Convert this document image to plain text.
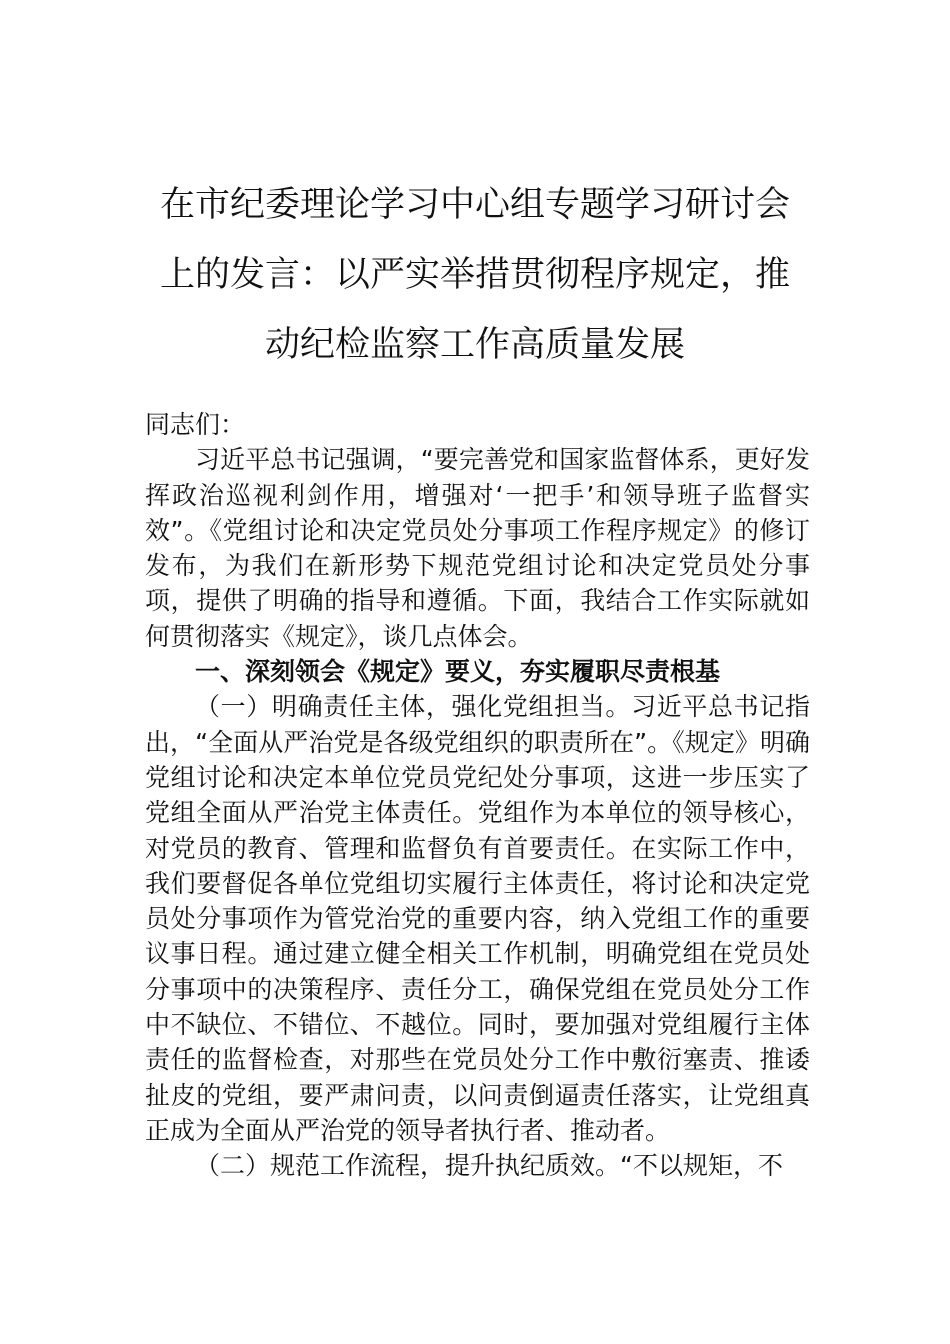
在市纪委理论学习中心组专题学习研讨会上的发言：以严实举措贯彻程序规定，推动纪检监察工作高质量发展

同志们：

习近平总书记强调，“要完善党和国家监督体系，更好发挥政治巡视利剑作用，增强对‘一把手’和领导班子监督实效”。《党组讨论和决定党员处分事项工作程序规定》的修订发布，为我们在新形势下规范党组讨论和决定党员处分事项，提供了明确的指导和遵循。下面，我结合工作实际就如何贯彻落实《规定》，谈几点体会。

一、深刻领会《规定》要义，夯实履职尽责根基

（一）明确责任主体，强化党组担当。习近平总书记指出，“全面从严治党是各级党组织的职责所在”。《规定》明确党组讨论和决定本单位党员党纪处分事项，这进一步压实了党组全面从严治党主体责任。党组作为本单位的领导核心，对党员的教育、管理和监督负有首要责任。在实际工作中，我们要督促各单位党组切实履行主体责任，将讨论和决定党员处分事项作为管党治党的重要内容，纳入党组工作的重要议事日程。通过建立健全相关工作机制，明确党组在党员处分事项中的决策程序、责任分工，确保党组在党员处分工作中不缺位、不错位、不越位。同时，要加强对党组履行主体责任的监督检查，对那些在党员处分工作中敷衍塞责、推诿扯皮的党组，要严肃问责，以问责倒逼责任落实，让党组真正成为全面从严治党的领导者执行者、推动者。

（二）规范工作流程，提升执纪质效。“不以规矩，不
